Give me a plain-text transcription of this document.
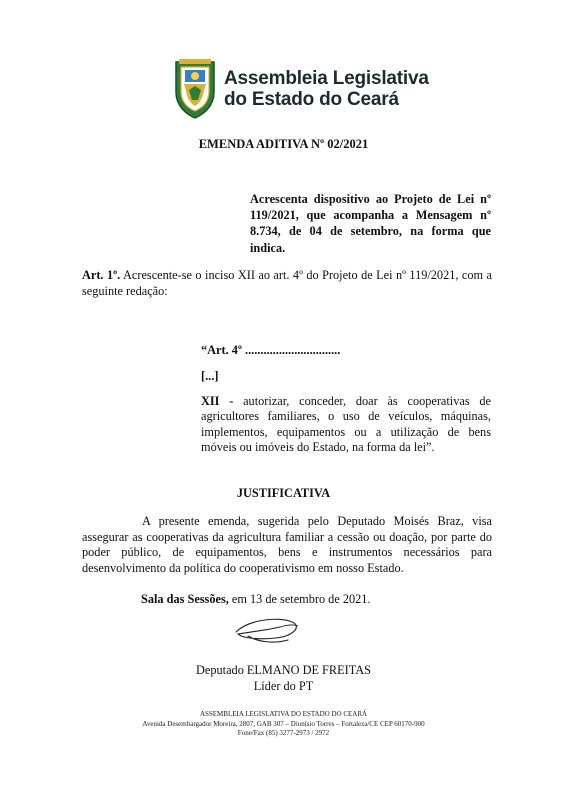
Assembleia Legislativa
do Estado do Ceará
EMENDA ADITIVA Nº 02/2021
Acrescenta dispositivo ao Projeto de Lei nº 119/2021, que acompanha a Mensagem nº 8.734, de 04 de setembro, na forma que indica.
Art. 1º. Acrescente-se o inciso XII ao art. 4º do Projeto de Lei nº 119/2021, com a seguinte redação:
“Art. 4º ...............................
[...]
XII - autorizar, conceder, doar às cooperativas de agricultores familiares, o uso de veículos, máquinas, implementos, equipamentos ou a utilização de bens móveis ou imóveis do Estado, na forma da lei”.
JUSTIFICATIVA
A presente emenda, sugerida pelo Deputado Moisés Braz, visa assegurar as cooperativas da agricultura familiar a cessão ou doação, por parte do poder público, de equipamentos, bens e instrumentos necessários para desenvolvimento da política do cooperativismo em nosso Estado.
Sala das Sessões, em 13 de setembro de 2021.
Deputado ELMANO DE FREITAS
Líder do PT
ASSEMBLEIA LEGISLATIVA DO ESTADO DO CEARÁ
Avenida Desembargador Moreira, 2807, GAB 307 – Dionísio Torres – Fortaleza/CE CEP 60170-900
Fone/Fax (85) 3277-2973 / 2972
